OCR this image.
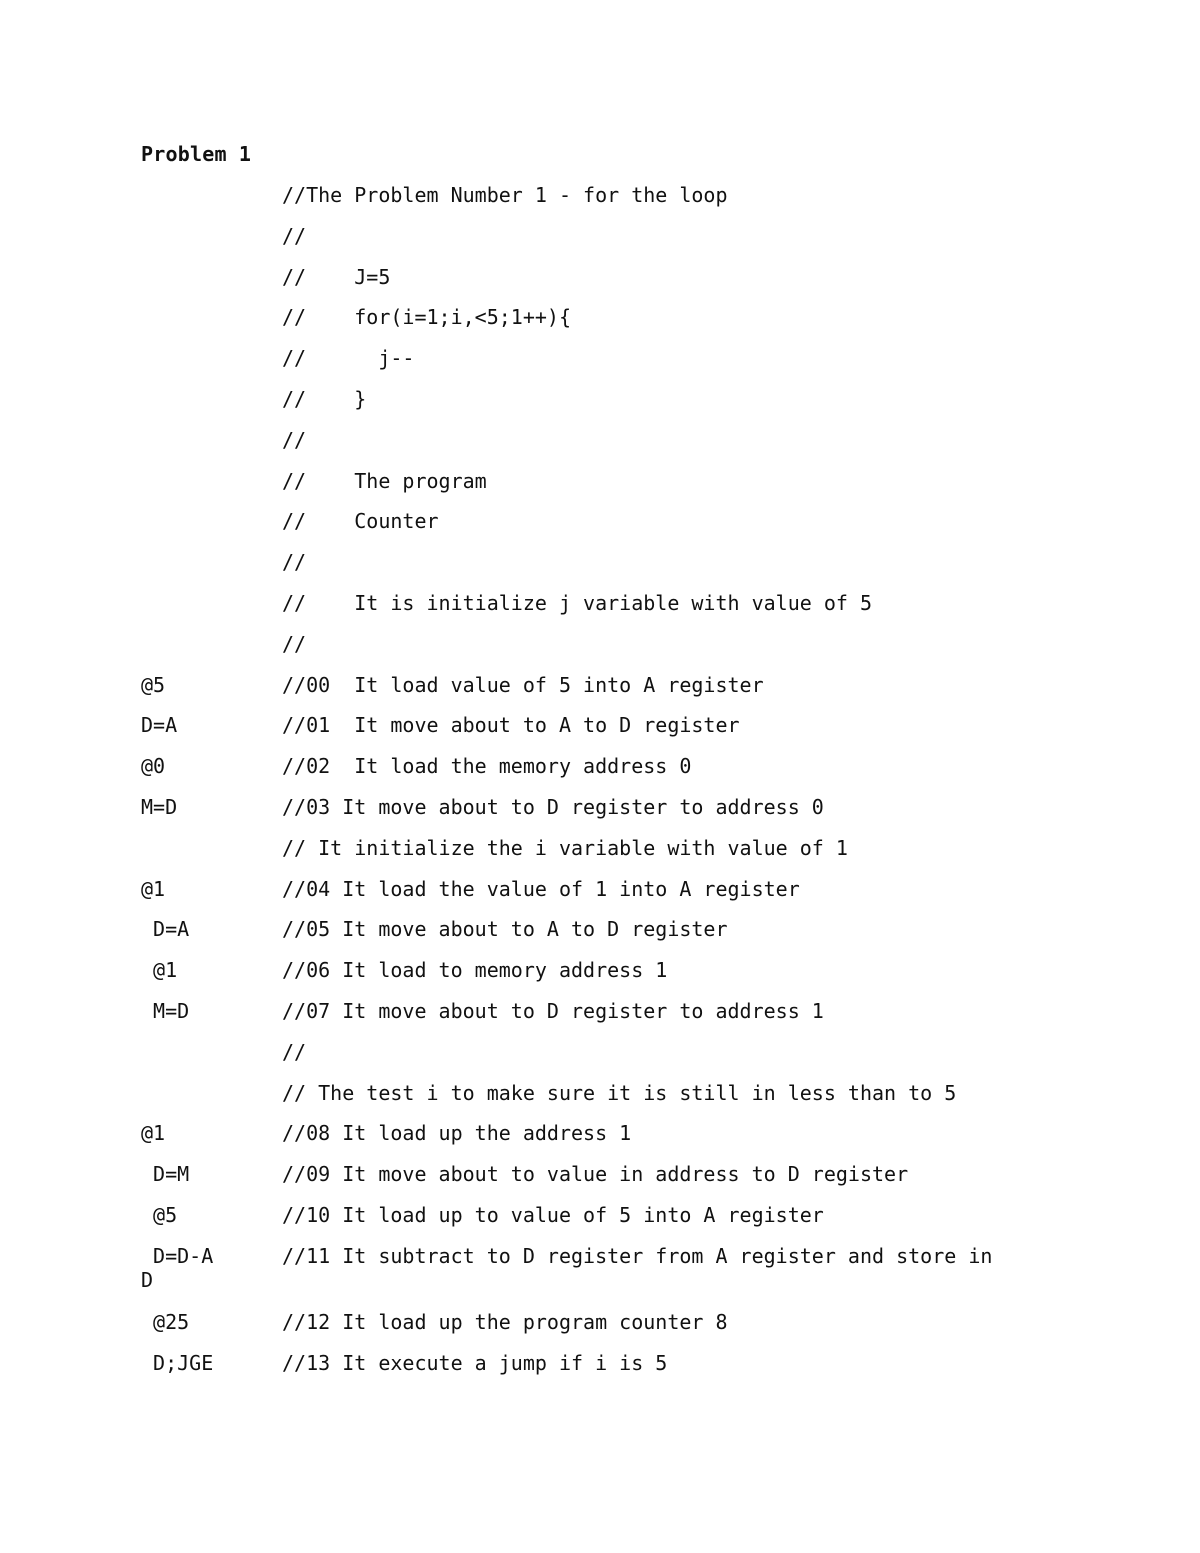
Problem 1
//The Problem Number 1 - for the loop
//
//    J=5
//    for(i=1;i,<5;1++){
//      j--
//    }
//
//    The program
//    Counter
//
//    It is initialize j variable with value of 5
//
@5	//00  It load value of 5 into A register
D=A	//01  It move about to A to D register
@0	//02  It load the memory address 0
M=D	//03 It move about to D register to address 0
// It initialize the i variable with value of 1
@1	//04 It load the value of 1 into A register
D=A	//05 It move about to A to D register
@1	//06 It load to memory address 1
M=D	//07 It move about to D register to address 1
//
// The test i to make sure it is still in less than to 5
@1	//08 It load up the address 1
D=M	//09 It move about to value in address to D register
@5	//10 It load up to value of 5 into A register
D=D-A	//11 It subtract to D register from A register and store in
D
@25	//12 It load up the program counter 8
D;JGE	//13 It execute a jump if i is 5
